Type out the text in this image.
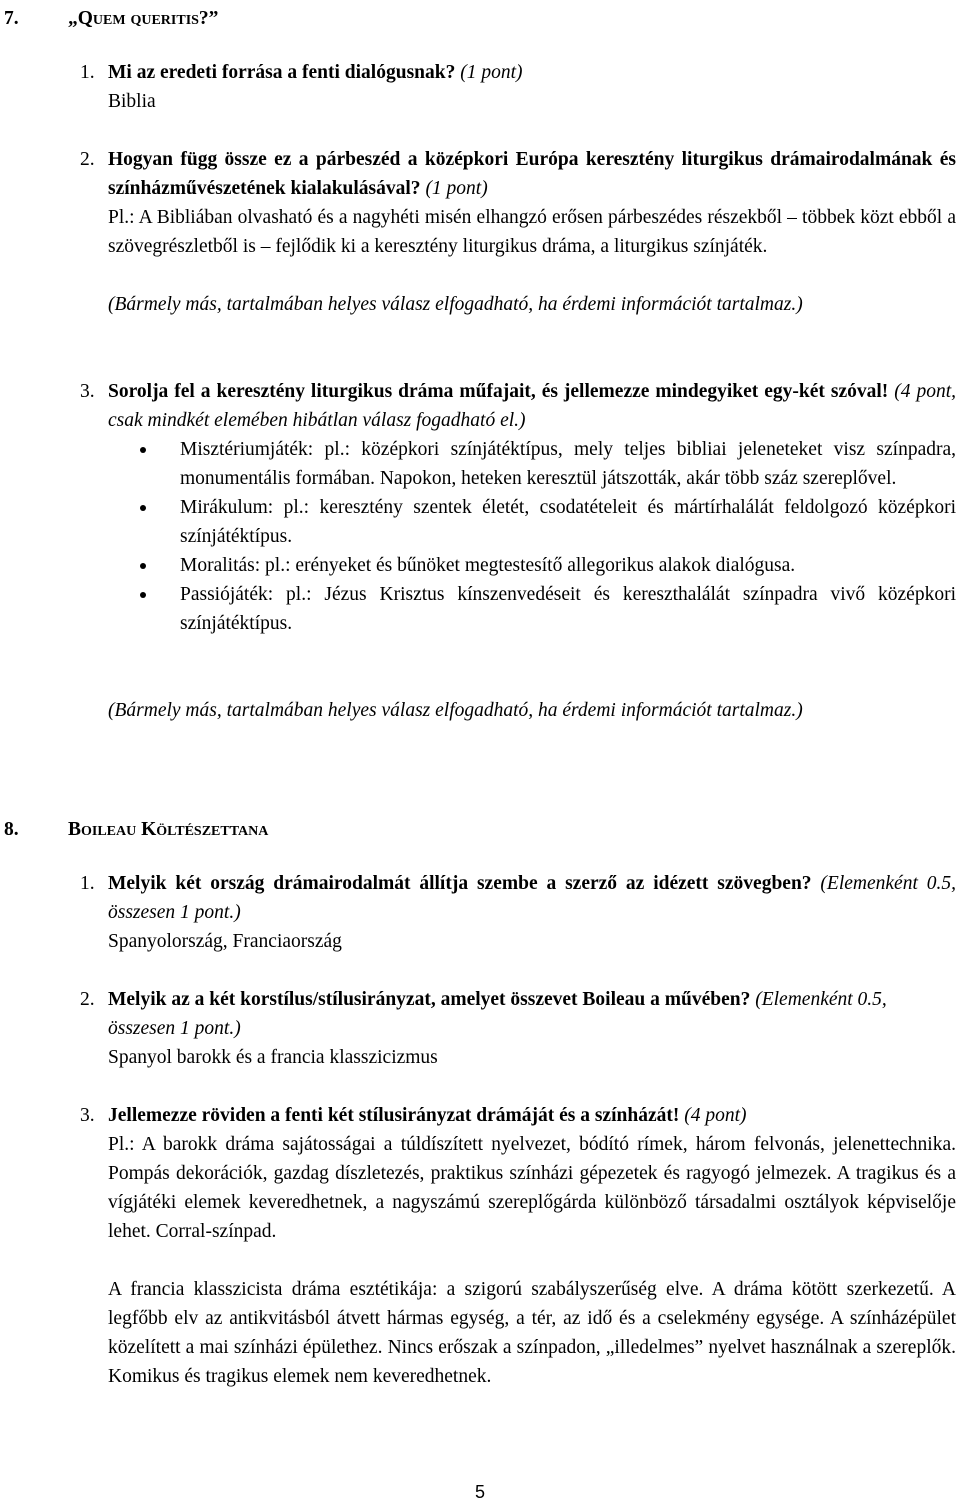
7.	„Quem queritis?”
1. Mi az eredeti forrása a fenti dialógusnak? (1 pont)
Biblia
2. Hogyan függ össze ez a párbeszéd a középkori Európa keresztény liturgikus drámairodalmának és színházművészetének kialakulásával? (1 pont)
Pl.: A Bibliában olvasható és a nagyhéti misén elhangzó erősen párbeszédes részekből – többek közt ebből a szövegrészletből is – fejlődik ki a keresztény liturgikus dráma, a liturgikus színjáték.
(Bármely más, tartalmában helyes válasz elfogadható, ha érdemi információt tartalmaz.)
3. Sorolja fel a keresztény liturgikus dráma műfajait, és jellemezze mindegyiket egy-két szóval! (4 pont, csak mindkét elemében hibátlan válasz fogadható el.)
Misztériumjáték: pl.: középkori színjátéktípus, mely teljes bibliai jeleneteket visz színpadra, monumentális formában. Napokon, heteken keresztül játszották, akár több száz szereplővel.
Mirákulum: pl.: keresztény szentek életét, csodatételeit és mártírhalálát feldolgozó középkori színjátéktípus.
Moralitás: pl.: erényeket és bűnöket megtestesítő allegorikus alakok dialógusa.
Passiójáték: pl.: Jézus Krisztus kínszenvedéseit és kereszthalálát színpadra vivő középkori színjátéktípus.
(Bármely más, tartalmában helyes válasz elfogadható, ha érdemi információt tartalmaz.)
8.	Boileau Költészettana
1. Melyik két ország drámairodalmát állítja szembe a szerző az idézett szövegben? (Elemenként 0.5, összesen 1 pont.)
Spanyolország, Franciaország
2. Melyik az a két korstílus/stílusirányzat, amelyet összevet Boileau a művében? (Elemenként 0.5, összesen 1 pont.)
Spanyol barokk és a francia klasszicizmus
3. Jellemezze röviden a fenti két stílusirányzat drámáját és a színházát! (4 pont)
Pl.: A barokk dráma sajátosságai a túldíszített nyelvezet, bódító rímek, három felvonás, jelenettechnika. Pompás dekorációk, gazdag díszletezés, praktikus színházi gépezetek és ragyogó jelmezek. A tragikus és a vígjátéki elemek keveredhetnek, a nagyszámú szereplőgárda különböző társadalmi osztályok képviselője lehet. Corral-színpad.
A francia klasszicista dráma esztétikája: a szigorú szabályszerűség elve. A dráma kötött szerkezetű. A legfőbb elv az antikvitásból átvett hármas egység, a tér, az idő és a cselekmény egysége. A színházépület közelített a mai színházi épülethez. Nincs erőszak a színpadon, „illedelmes” nyelvet használnak a szereplők. Komikus és tragikus elemek nem keveredhetnek.
5
